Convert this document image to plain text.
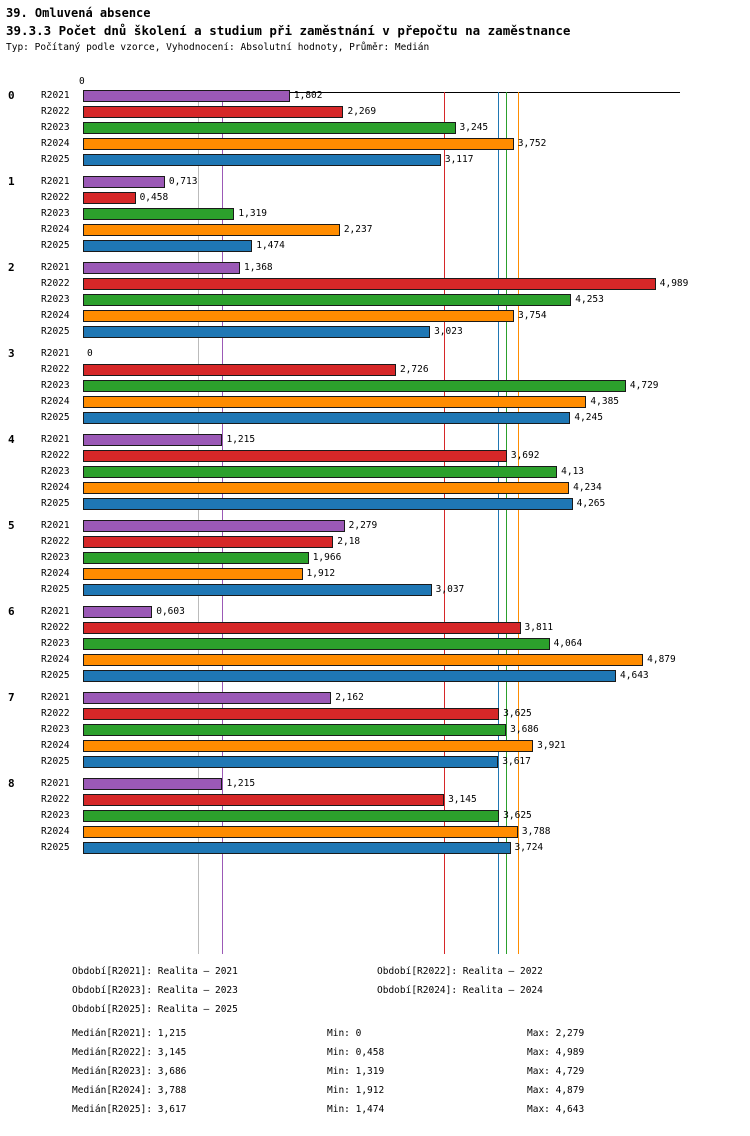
39. Omluvená absence
39.3.3 Počet dnů školení a studium při zaměstnání v přepočtu na zaměstnance
Typ: Počítaný podle vzorce, Vyhodnocení: Absolutní hodnoty, Průměr: Medián
0
0	R2021	1,802
R2022	2,269
R2023	3,245
R2024	3,752
R2025	3,117
1	R2021	0,713
R2022	0,458
R2023	1,319
R2024	2,237
R2025	1,474
2	R2021	1,368
R2022	4,989
R2023	4,253
R2024	3,754
R2025	3,023
3	R2021	0
R2022	2,726
R2023	4,729
R2024	4,385
R2025	4,245
4	R2021	1,215
R2022	3,692
R2023	4,13
R2024	4,234
R2025	4,265
5	R2021	2,279
R2022	2,18
R2023	1,966
R2024	1,912
R2025	3,037
6	R2021	0,603
R2022	3,811
R2023	4,064
R2024	4,879
R2025	4,643
7	R2021	2,162
R2022	3,625
R2023	3,686
R2024	3,921
R2025	3,617
8	R2021	1,215
R2022	3,145
R2023	3,625
R2024	3,788
R2025	3,724
Období[R2021]: Realita – 2021	Období[R2022]: Realita – 2022
Období[R2023]: Realita – 2023	Období[R2024]: Realita – 2024
Období[R2025]: Realita – 2025
Medián[R2021]: 1,215	Min: 0	Max: 2,279
Medián[R2022]: 3,145	Min: 0,458	Max: 4,989
Medián[R2023]: 3,686	Min: 1,319	Max: 4,729
Medián[R2024]: 3,788	Min: 1,912	Max: 4,879
Medián[R2025]: 3,617	Min: 1,474	Max: 4,643
